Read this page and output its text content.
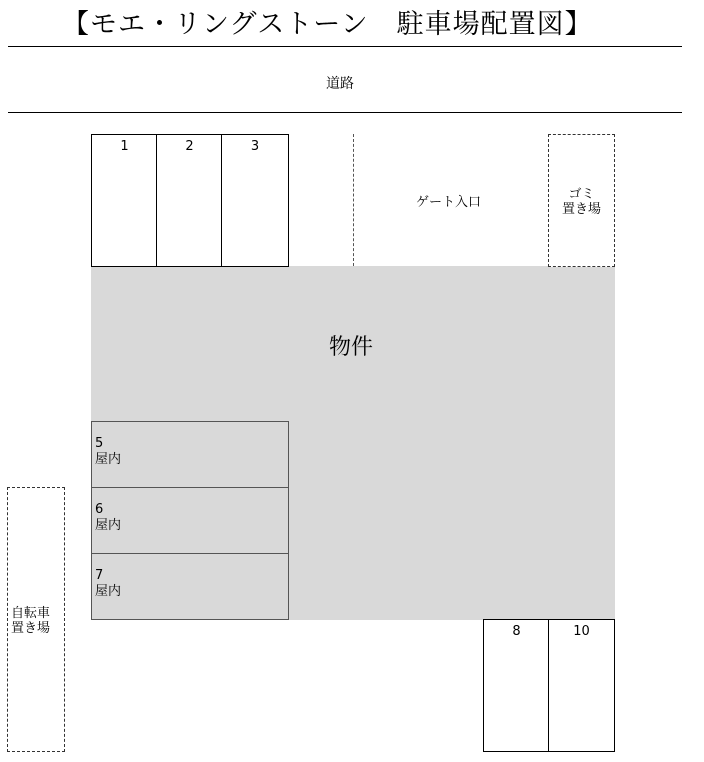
【モエ・リングストーン　駐車場配置図】
道路
物件
1	2	3
ゲート入口
ゴミ
置き場
5
屋内
6
屋内
7
屋内
自転車
置き場	8	10
